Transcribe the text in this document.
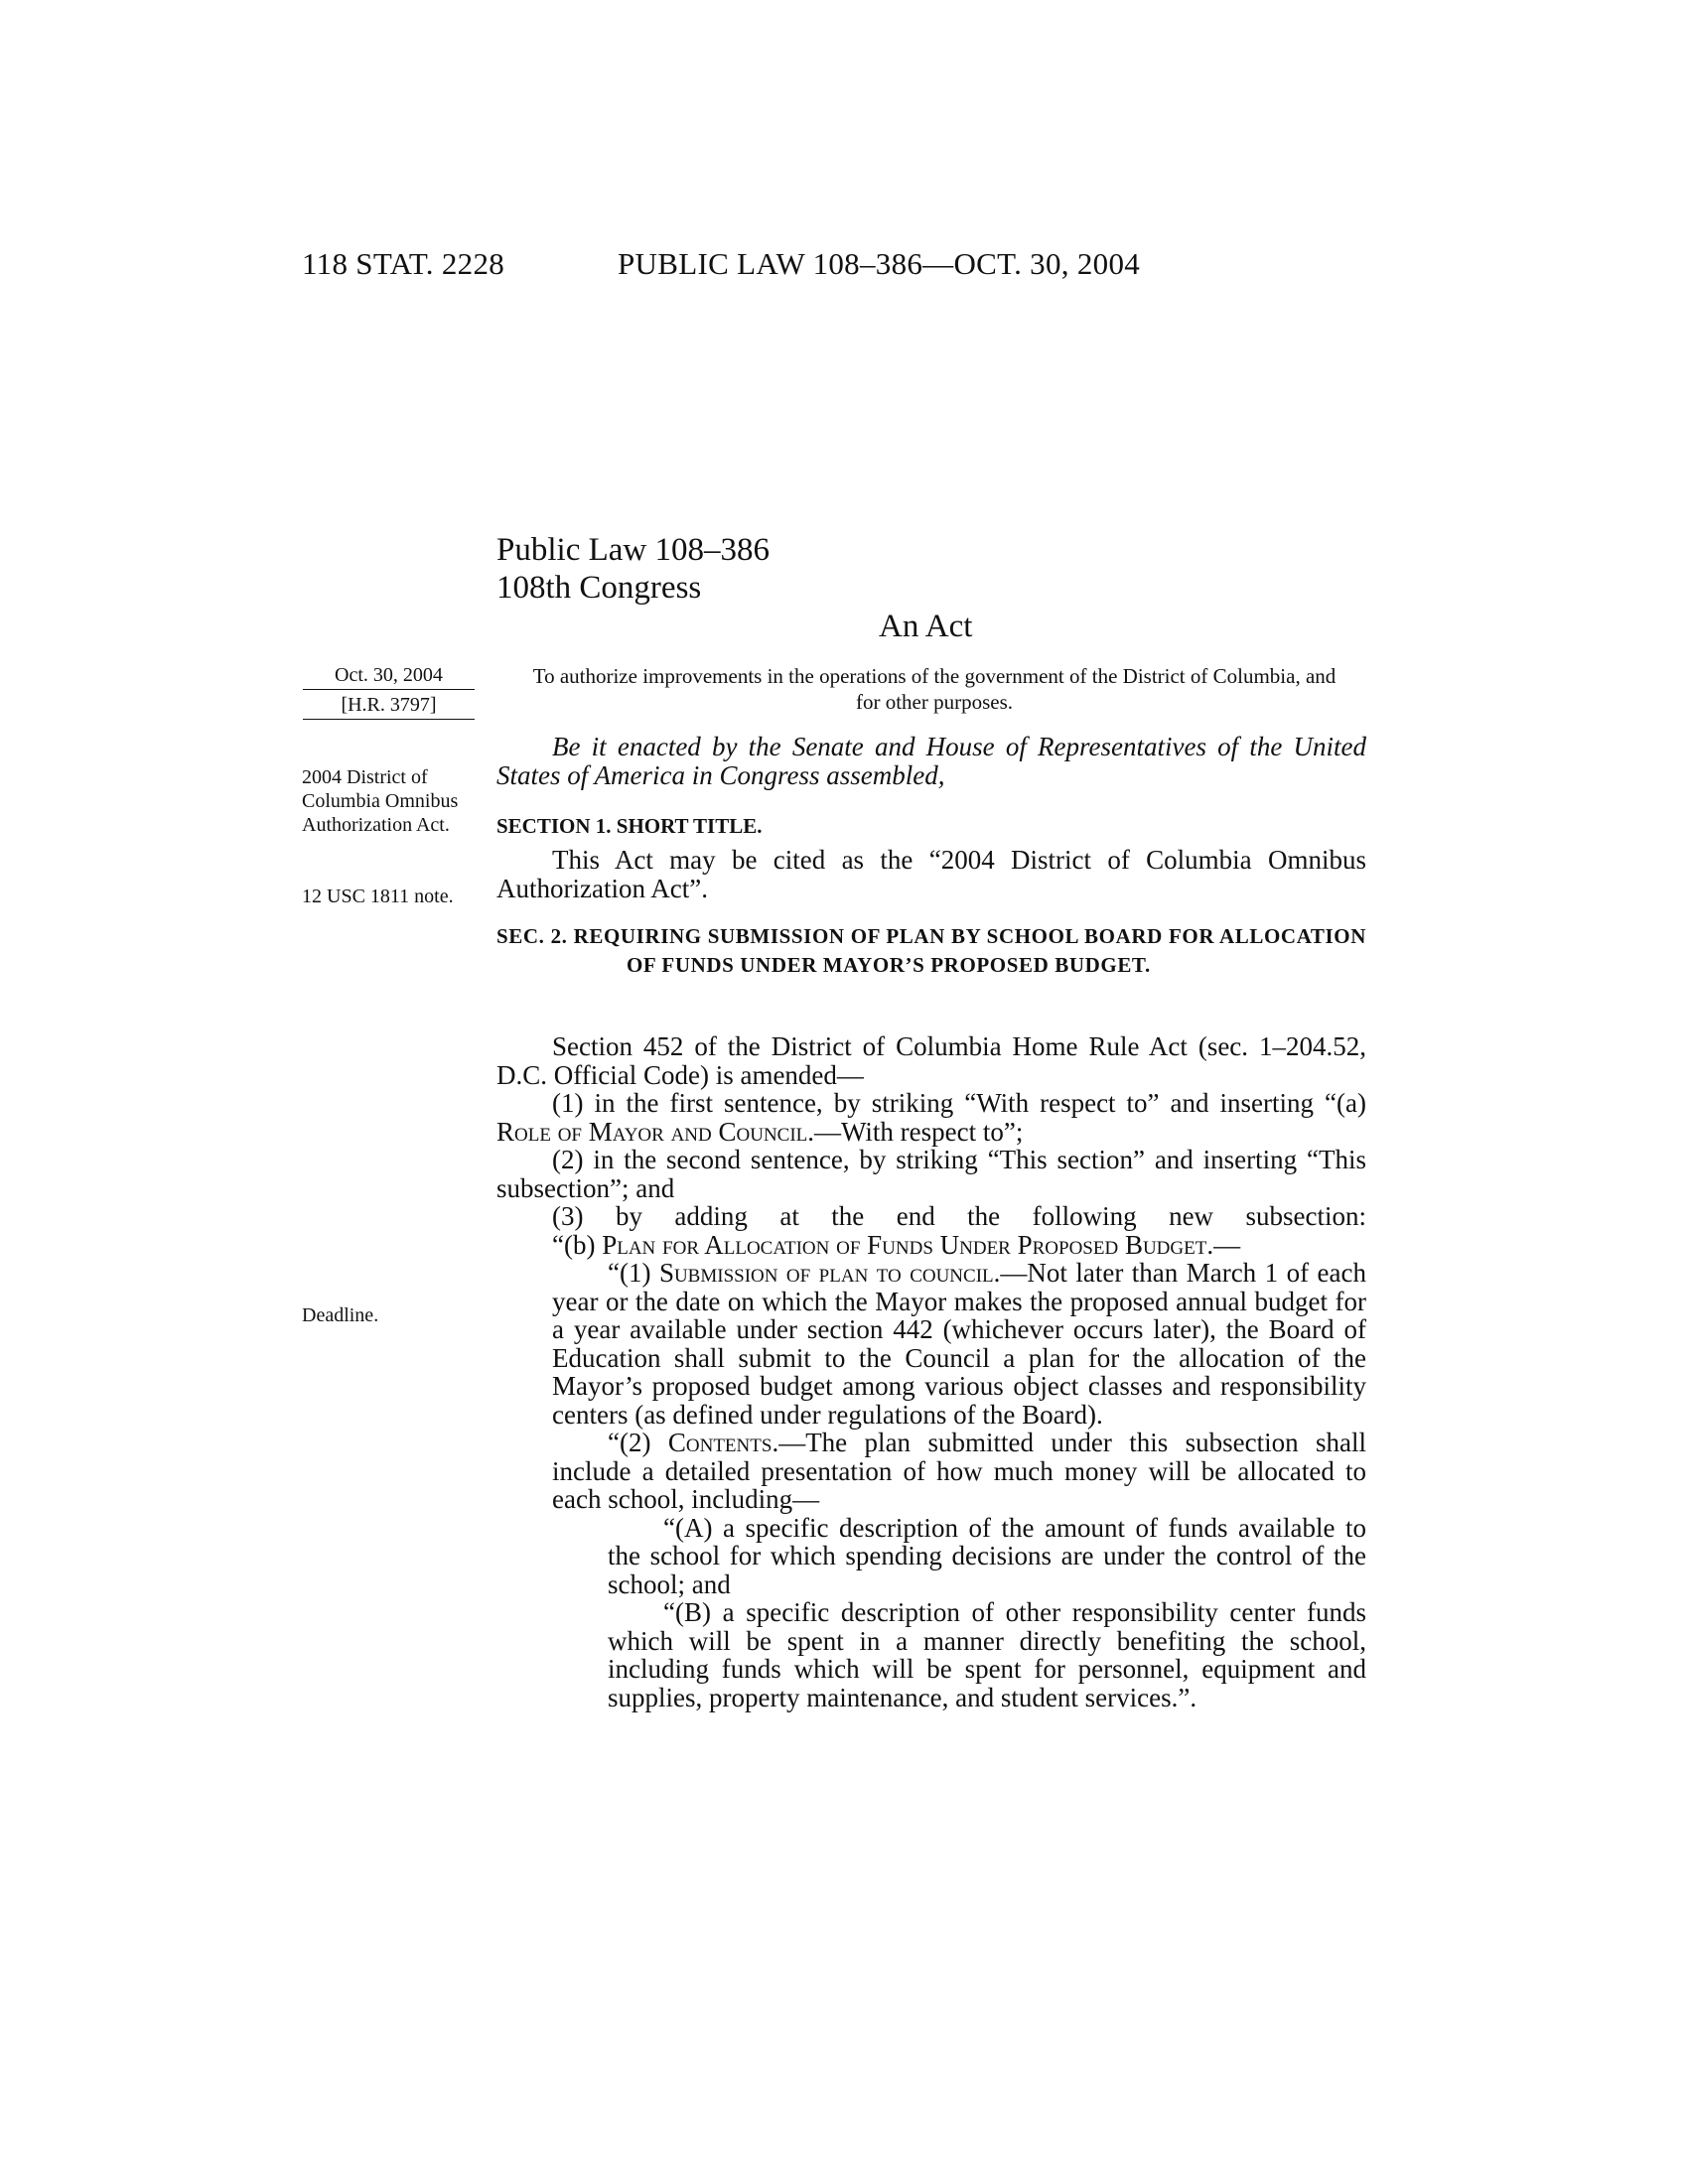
118 STAT. 2228	PUBLIC LAW 108–386—OCT. 30, 2004
Public Law 108–386
108th Congress
An Act
Oct. 30, 2004
[H.R. 3797]
2004 District of Columbia Omnibus Authorization Act.
12 USC 1811 note.
Deadline.
To authorize improvements in the operations of the government of the District of Columbia, and for other purposes.

Be it enacted by the Senate and House of Representatives of the United States of America in Congress assembled,

SECTION 1. SHORT TITLE.

This Act may be cited as the “2004 District of Columbia Omnibus Authorization Act”.

SEC. 2. REQUIRING SUBMISSION OF PLAN BY SCHOOL BOARD FOR ALLOCATION OF FUNDS UNDER MAYOR’S PROPOSED BUDGET.

Section 452 of the District of Columbia Home Rule Act (sec. 1–204.52, D.C. Official Code) is amended—

(1) in the first sentence, by striking “With respect to” and inserting “(a) Role of Mayor and Council.—With respect to”;

(2) in the second sentence, by striking “This section” and inserting “This subsection”; and

(3) by adding at the end the following new subsection:

“(b) Plan for Allocation of Funds Under Proposed Budget.—

“(1) Submission of plan to council.—Not later than March 1 of each year or the date on which the Mayor makes the proposed annual budget for a year available under section 442 (whichever occurs later), the Board of Education shall submit to the Council a plan for the allocation of the Mayor’s proposed budget among various object classes and responsibility centers (as defined under regulations of the Board).

“(2) Contents.—The plan submitted under this subsection shall include a detailed presentation of how much money will be allocated to each school, including—

“(A) a specific description of the amount of funds available to the school for which spending decisions are under the control of the school; and

“(B) a specific description of other responsibility center funds which will be spent in a manner directly benefiting the school, including funds which will be spent for personnel, equipment and supplies, property maintenance, and student services.”.
